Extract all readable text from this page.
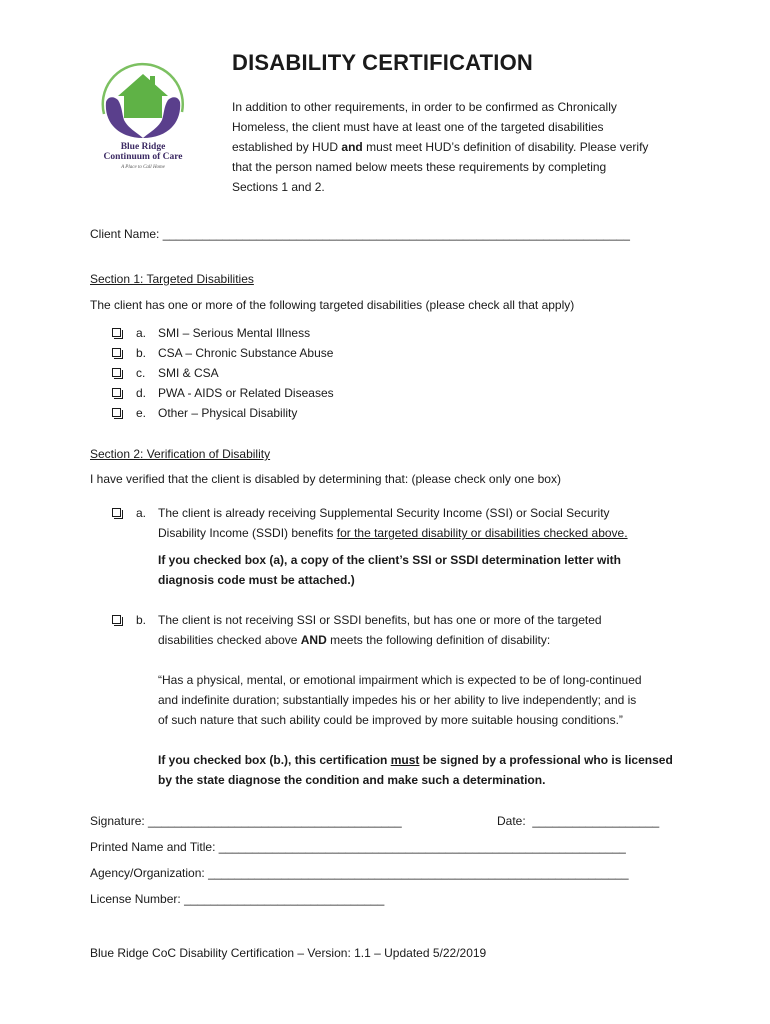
Blue Ridge
Continuum of Care
A Place to Call Home
DISABILITY CERTIFICATION
In addition to other requirements, in order to be confirmed as Chronically
Homeless, the client must have at least one of the targeted disabilities
established by HUD and must meet HUD’s definition of disability. Please verify
that the person named below meets these requirements by completing
Sections 1 and 2.
Client Name: ______________________________________________________________________
Section 1: Targeted Disabilities
The client has one or more of the following targeted disabilities (please check all that apply)
a. SMI – Serious Mental Illness
b. CSA – Chronic Substance Abuse
c. SMI & CSA
d. PWA - AIDS or Related Diseases
e. Other – Physical Disability
Section 2: Verification of Disability
I have verified that the client is disabled by determining that: (please check only one box)
a. The client is already receiving Supplemental Security Income (SSI) or Social Security
Disability Income (SSDI) benefits for the targeted disability or disabilities checked above.
If you checked box (a), a copy of the client’s SSI or SSDI determination letter with
diagnosis code must be attached.)
b. The client is not receiving SSI or SSDI benefits, but has one or more of the targeted
disabilities checked above AND meets the following definition of disability:
“Has a physical, mental, or emotional impairment which is expected to be of long-continued
and indefinite duration; substantially impedes his or her ability to live independently; and is
of such nature that such ability could be improved by more suitable housing conditions.”
If you checked box (b.), this certification must be signed by a professional who is licensed
by the state diagnose the condition and make such a determination.
Signature: ______________________________________	Date: ___________________
Printed Name and Title: _____________________________________________________________
Agency/Organization: _______________________________________________________________
License Number: ______________________________
Blue Ridge CoC Disability Certification – Version: 1.1 – Updated 5/22/2019
